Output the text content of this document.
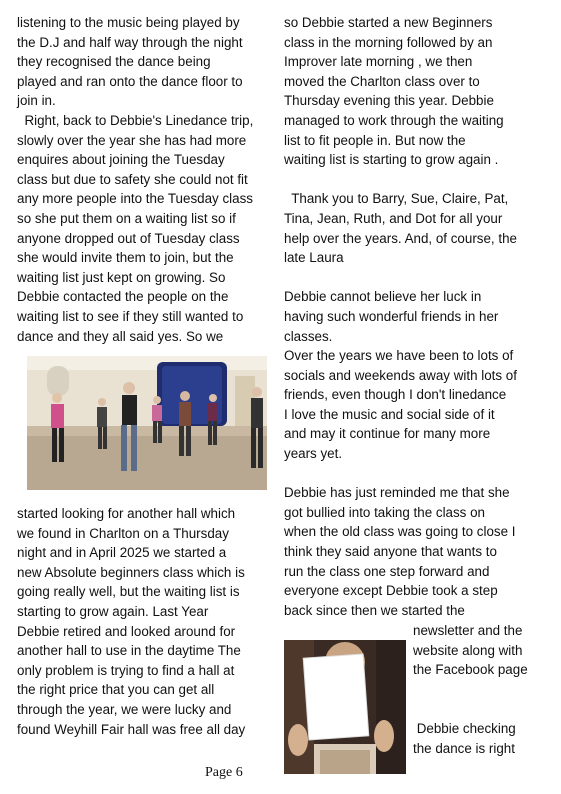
listening to the music being played by

the D.J and half way through the night

they recognised the dance being

played and ran onto the dance floor to

join in.

Right, back to Debbie's Linedance trip,

slowly over the year she has had more

enquires about joining the Tuesday

class but due to safety she could not fit

any more people into the Tuesday class

so she put them on a waiting list so if

anyone dropped out of Tuesday class

she would invite them to join, but the

waiting list just kept on growing. So

Debbie contacted the people on the

waiting list to see if they still wanted to

dance and they all said yes. So we

started looking for another hall which

we found in Charlton on a Thursday

night and in April 2025 we started a

new Absolute beginners class which is

going really well, but the waiting list is

starting to grow again. Last Year

Debbie retired and looked around for

another hall to use in the daytime The

only problem is trying to find a hall at

the right price that you can get all

through the year, we were lucky and

found Weyhill Fair hall was free all day

so Debbie started a new Beginners

class in the morning followed by an

Improver late morning , we then

moved the Charlton class over to

Thursday evening this year. Debbie

managed to work through the waiting

list to fit people in. But now the

waiting list is starting to grow again .

Thank you to Barry, Sue, Claire, Pat,

Tina, Jean, Ruth, and Dot for all your

help over the years. And, of course, the

late Laura

Debbie cannot believe her luck in

having such wonderful friends in her

classes.

Over the years we have been to lots of

socials and weekends away with lots of

friends, even though I don't linedance

I love the music and social side of it

and may it continue for many more

years yet.

Debbie has just reminded me that she

got bullied into taking the class on

when the old class was going to close I

think they said anyone that wants to

run the class one step forward and

everyone except Debbie took a step

back since then we started the

newsletter and the

website along with

the Facebook page

Debbie checking

the dance is right

Page 6
